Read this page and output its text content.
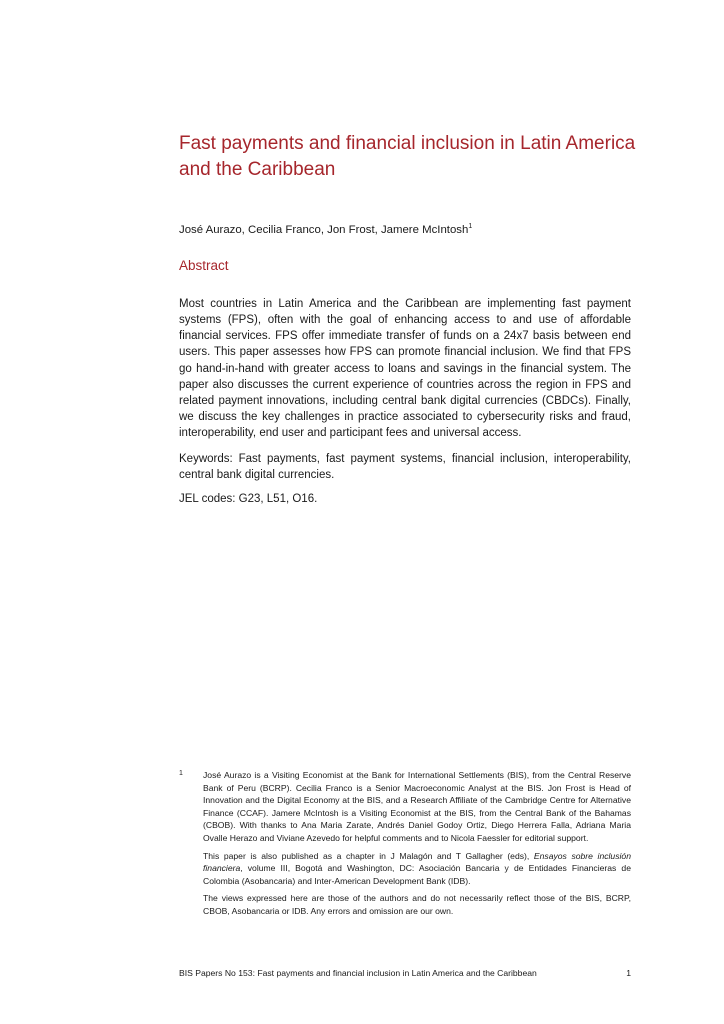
Fast payments and financial inclusion in Latin America and the Caribbean
José Aurazo, Cecilia Franco, Jon Frost, Jamere McIntosh$^1$
Abstract

Most countries in Latin America and the Caribbean are implementing fast payment systems (FPS), often with the goal of enhancing access to and use of affordable financial services. FPS offer immediate transfer of funds on a 24x7 basis between end users. This paper assesses how FPS can promote financial inclusion. We find that FPS go hand-in-hand with greater access to loans and savings in the financial system. The paper also discusses the current experience of countries across the region in FPS and related payment innovations, including central bank digital currencies (CBDCs). Finally, we discuss the key challenges in practice associated to cybersecurity risks and fraud, interoperability, end user and participant fees and universal access.

Keywords: Fast payments, fast payment systems, financial inclusion, interoperability, central bank digital currencies.

JEL codes: G23, L51, O16.

1	José Aurazo is a Visiting Economist at the Bank for International Settlements (BIS), from the Central Reserve Bank of Peru (BCRP). Cecilia Franco is a Senior Macroeconomic Analyst at the BIS. Jon Frost is Head of Innovation and the Digital Economy at the BIS, and a Research Affiliate of the Cambridge Centre for Alternative Finance (CCAF). Jamere McIntosh is a Visiting Economist at the BIS, from the Central Bank of the Bahamas (CBOB). With thanks to Ana Maria Zarate, Andrés Daniel Godoy Ortiz, Diego Herrera Falla, Adriana Maria Ovalle Herazo and Viviane Azevedo for helpful comments and to Nicola Faessler for editorial support.

This paper is also published as a chapter in J Malagón and T Gallagher (eds), Ensayos sobre inclusión financiera, volume III, Bogotá and Washington, DC: Asociación Bancaria y de Entidades Financieras de Colombia (Asobancaria) and Inter-American Development Bank (IDB).

The views expressed here are those of the authors and do not necessarily reflect those of the BIS, BCRP, CBOB, Asobancaria or IDB. Any errors and omission are our own.

BIS Papers No 153: Fast payments and financial inclusion in Latin America and the Caribbean	1
